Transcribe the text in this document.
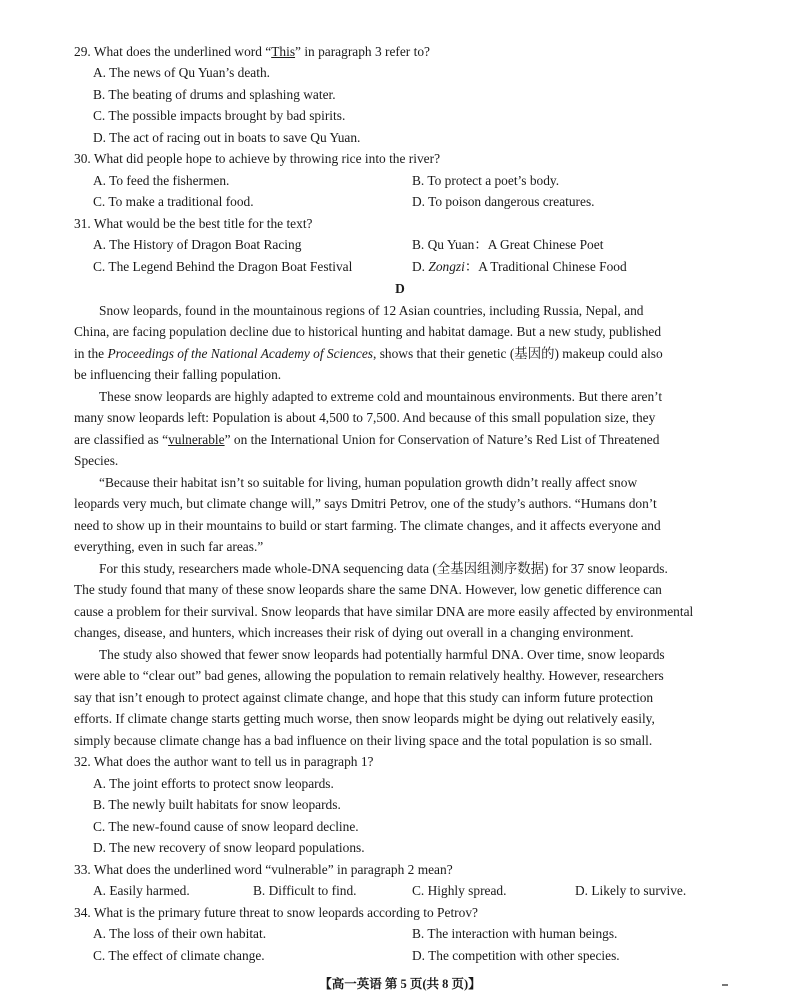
29. What does the underlined word “This” in paragraph 3 refer to?
A. The news of Qu Yuan’s death.
B. The beating of drums and splashing water.
C. The possible impacts brought by bad spirits.
D. The act of racing out in boats to save Qu Yuan.
30. What did people hope to achieve by throwing rice into the river?
A. To feed the fishermen.	B. To protect a poet’s body.
C. To make a traditional food.	D. To poison dangerous creatures.
31. What would be the best title for the text?
A. The History of Dragon Boat Racing	B. Qu Yuan：A Great Chinese Poet
C. The Legend Behind the Dragon Boat Festival	D. Zongzi：A Traditional Chinese Food
D
Snow leopards, found in the mountainous regions of 12 Asian countries, including Russia, Nepal, and
China, are facing population decline due to historical hunting and habitat damage. But a new study, published
in the Proceedings of the National Academy of Sciences, shows that their genetic (基因的) makeup could also
be influencing their falling population.
These snow leopards are highly adapted to extreme cold and mountainous environments. But there aren’t
many snow leopards left: Population is about 4,500 to 7,500. And because of this small population size, they
are classified as “vulnerable” on the International Union for Conservation of Nature’s Red List of Threatened
Species.
“Because their habitat isn’t so suitable for living, human population growth didn’t really affect snow
leopards very much, but climate change will,” says Dmitri Petrov, one of the study’s authors. “Humans don’t
need to show up in their mountains to build or start farming. The climate changes, and it affects everyone and
everything, even in such far areas.”
For this study, researchers made whole-DNA sequencing data (全基因组测序数据) for 37 snow leopards.
The study found that many of these snow leopards share the same DNA. However, low genetic difference can
cause a problem for their survival. Snow leopards that have similar DNA are more easily affected by environmental
changes, disease, and hunters, which increases their risk of dying out overall in a changing environment.
The study also showed that fewer snow leopards had potentially harmful DNA. Over time, snow leopards
were able to “clear out” bad genes, allowing the population to remain relatively healthy. However, researchers
say that isn’t enough to protect against climate change, and hope that this study can inform future protection
efforts. If climate change starts getting much worse, then snow leopards might be dying out relatively easily,
simply because climate change has a bad influence on their living space and the total population is so small.
32. What does the author want to tell us in paragraph 1?
A. The joint efforts to protect snow leopards.
B. The newly built habitats for snow leopards.
C. The new-found cause of snow leopard decline.
D. The new recovery of snow leopard populations.
33. What does the underlined word “vulnerable” in paragraph 2 mean?
A. Easily harmed.	B. Difficult to find.	C. Highly spread.	D. Likely to survive.
34. What is the primary future threat to snow leopards according to Petrov?
A. The loss of their own habitat.	B. The interaction with human beings.
C. The effect of climate change.	D. The competition with other species.
【高一英语 第 5 页(共 8 页)】
